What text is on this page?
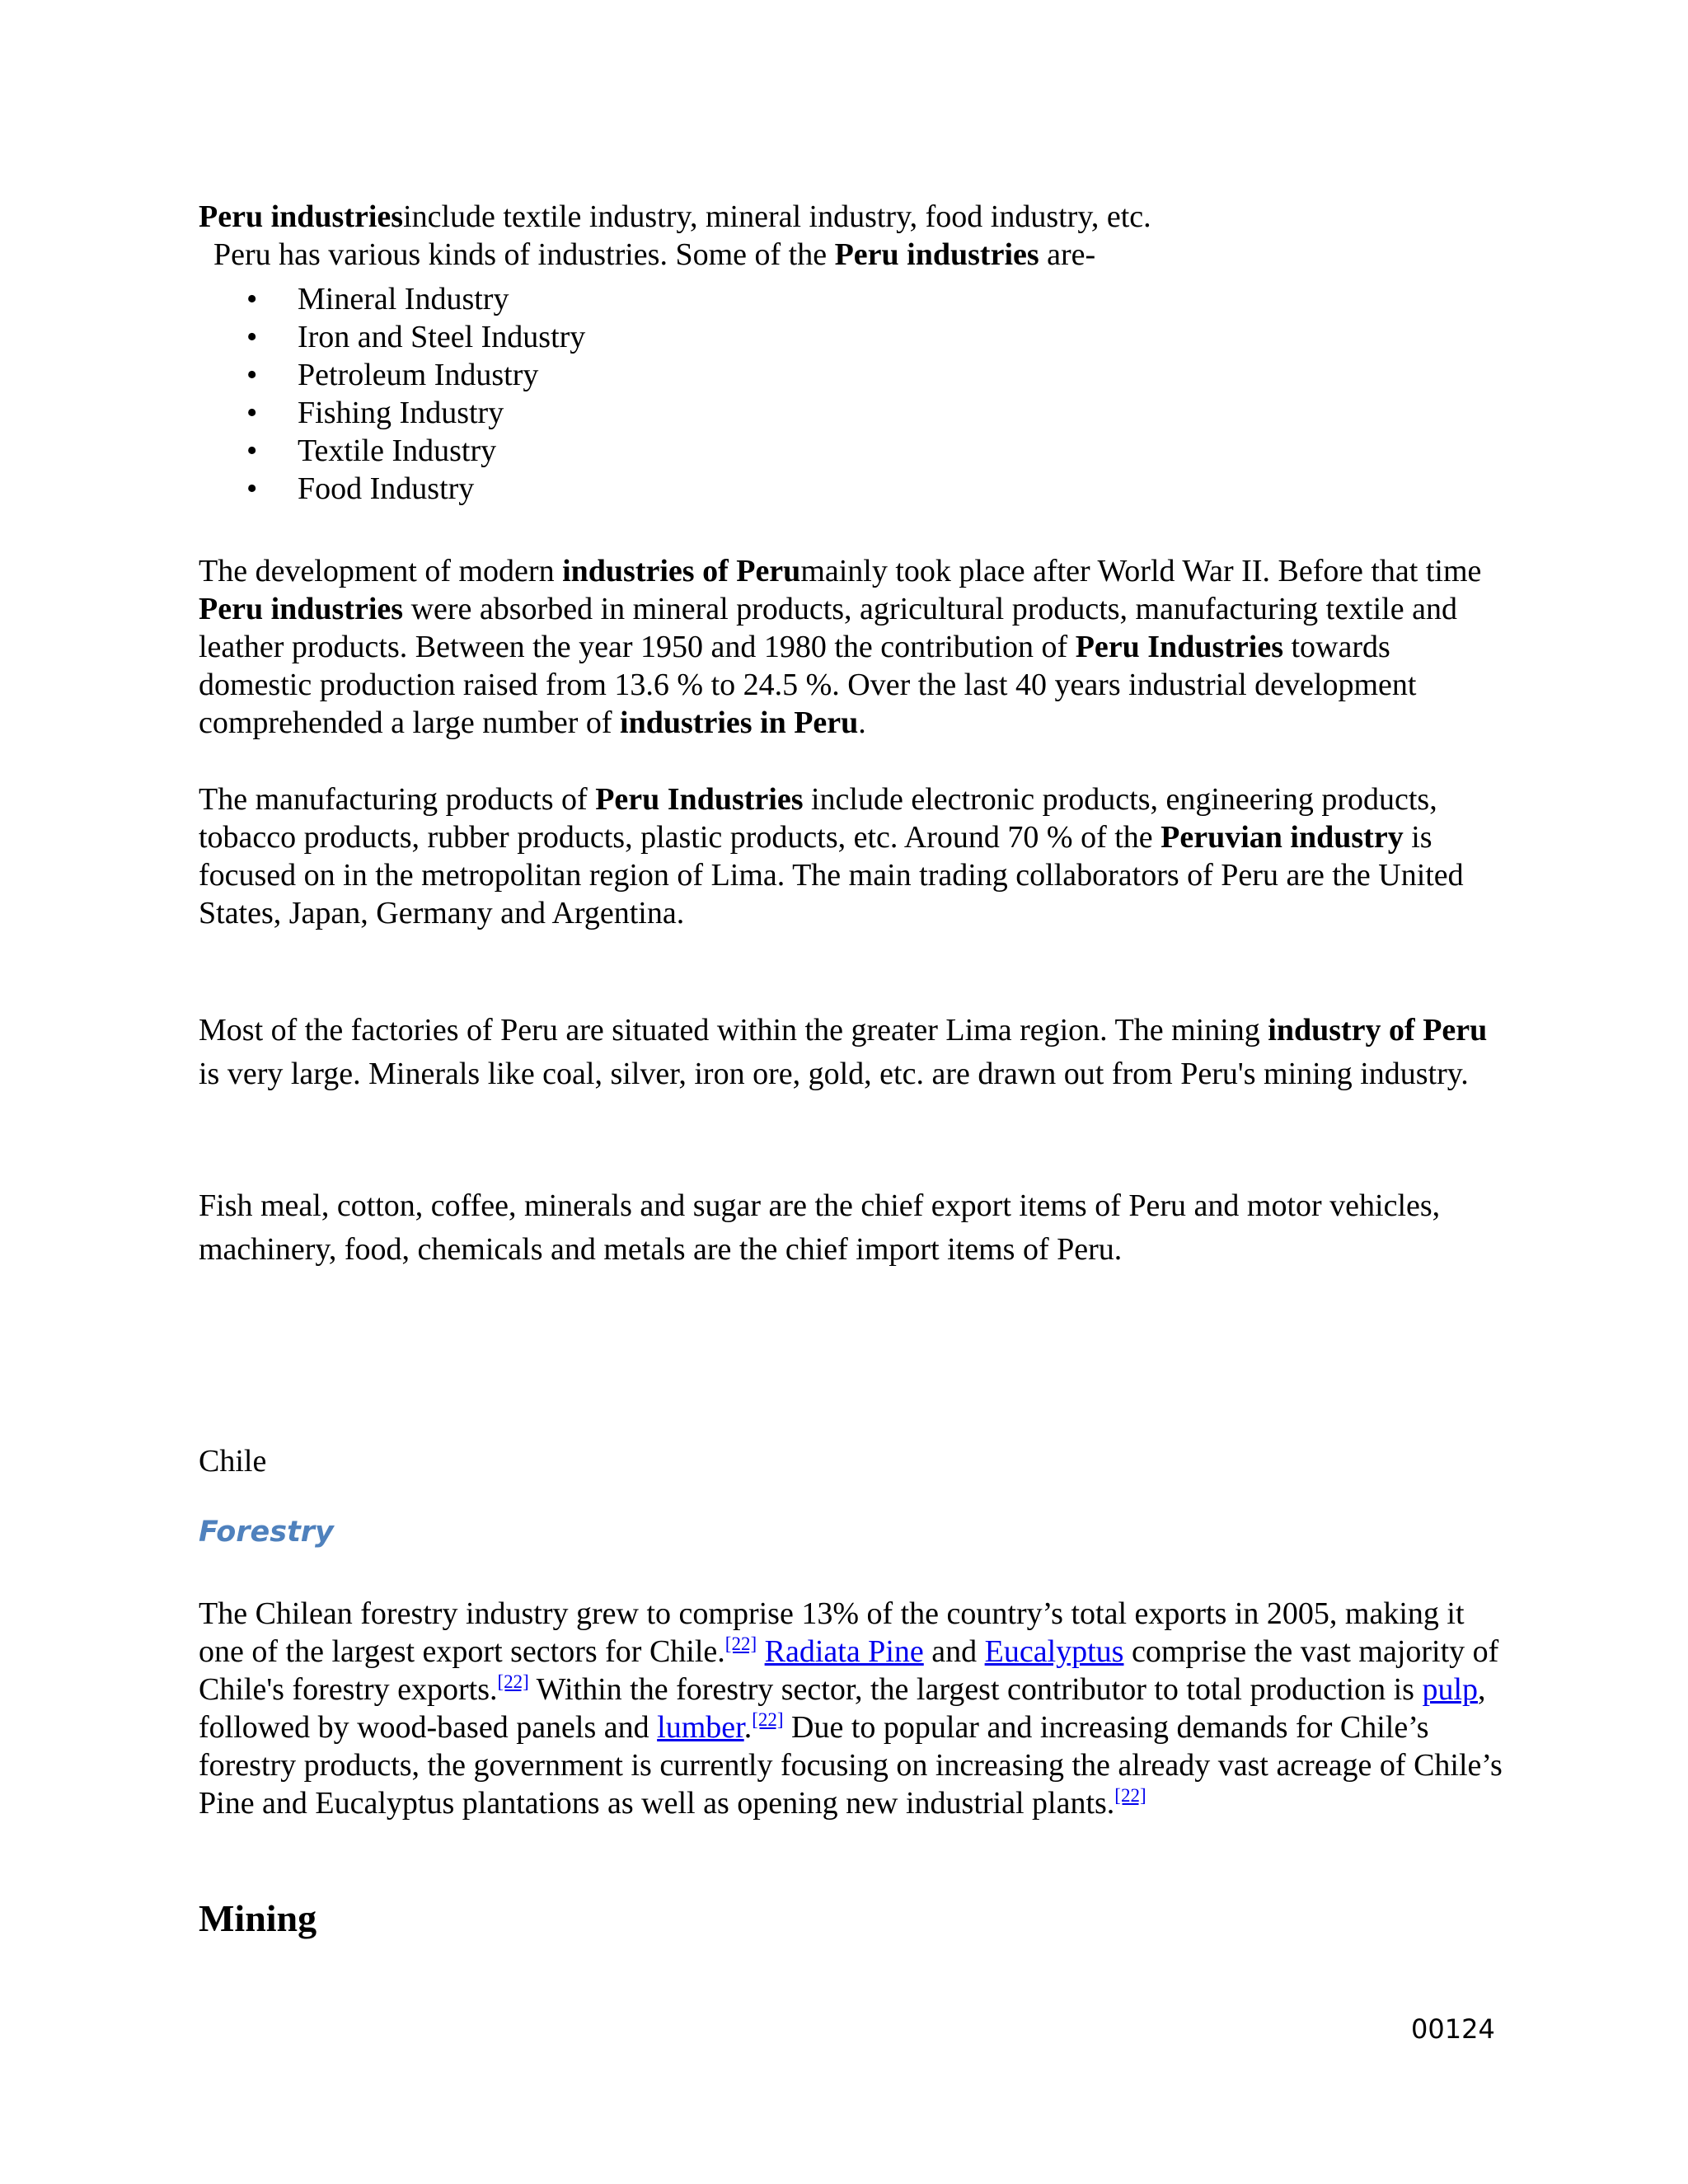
Peru industriesinclude textile industry, mineral industry, food industry, etc.

Peru has various kinds of industries. Some of the Peru industries are-

• Mineral Industry
• Iron and Steel Industry
• Petroleum Industry
• Fishing Industry
• Textile Industry
• Food Industry

The development of modern industries of Perumainly took place after World War II. Before that time Peru industries were absorbed in mineral products, agricultural products, manufacturing textile and leather products. Between the year 1950 and 1980 the contribution of Peru Industries towards domestic production raised from 13.6 % to 24.5 %. Over the last 40 years industrial development comprehended a large number of industries in Peru.

The manufacturing products of Peru Industries include electronic products, engineering products, tobacco products, rubber products, plastic products, etc. Around 70 % of the Peruvian industry is focused on in the metropolitan region of Lima. The main trading collaborators of Peru are the United States, Japan, Germany and Argentina.

Most of the factories of Peru are situated within the greater Lima region. The mining industry of Peru is very large. Minerals like coal, silver, iron ore, gold, etc. are drawn out from Peru's mining industry.

Fish meal, cotton, coffee, minerals and sugar are the chief export items of Peru and motor vehicles, machinery, food, chemicals and metals are the chief import items of Peru.

Chile

Forestry

The Chilean forestry industry grew to comprise 13% of the country’s total exports in 2005, making it one of the largest export sectors for Chile.[22] Radiata Pine and Eucalyptus comprise the vast majority of Chile's forestry exports.[22] Within the forestry sector, the largest contributor to total production is pulp, followed by wood-based panels and lumber.[22] Due to popular and increasing demands for Chile’s forestry products, the government is currently focusing on increasing the already vast acreage of Chile’s Pine and Eucalyptus plantations as well as opening new industrial plants.[22]

Mining

00124
